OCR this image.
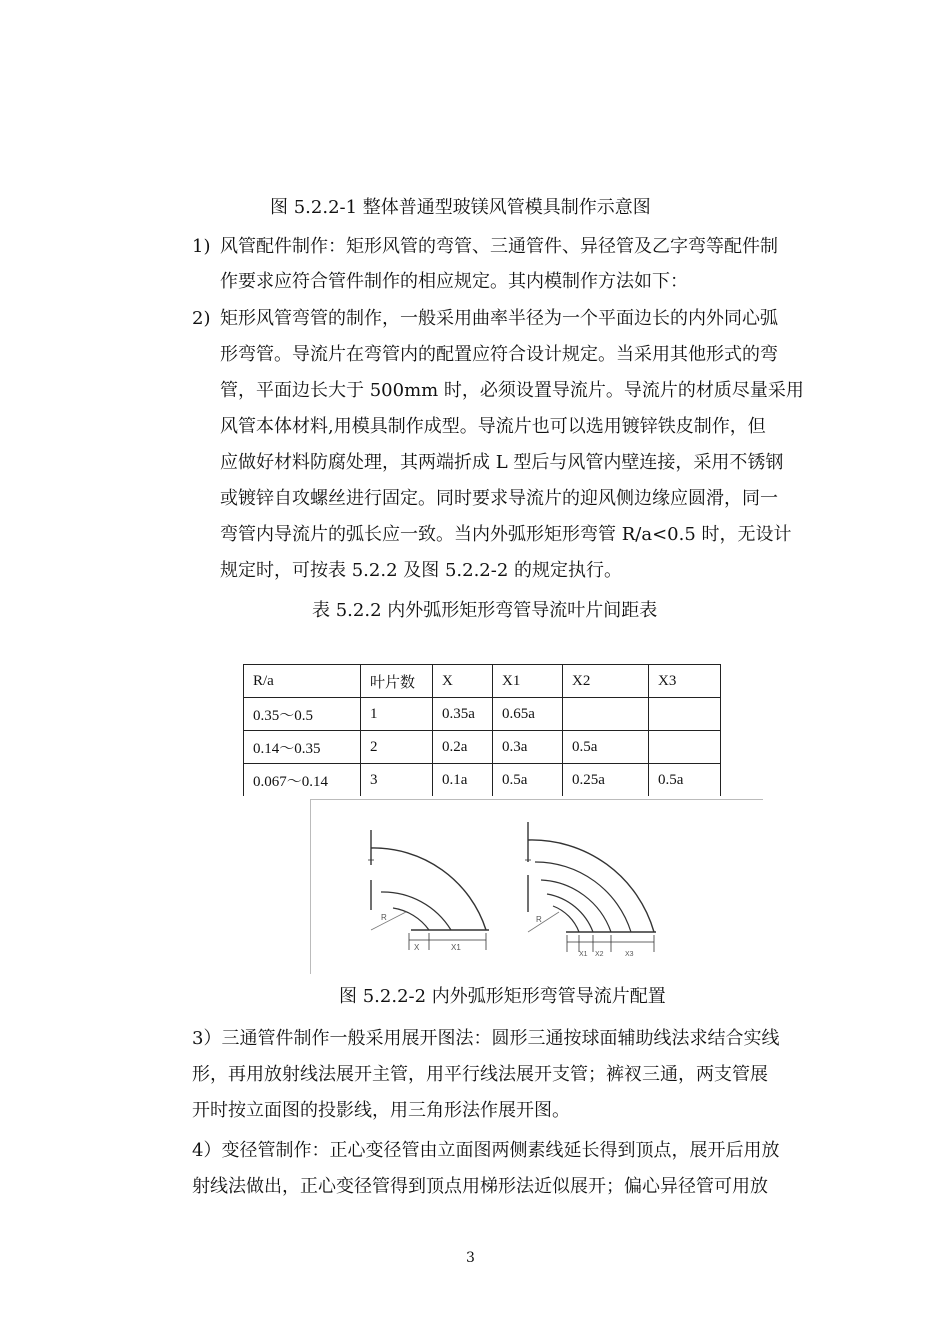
图 5.2.2-1 整体普通型玻镁风管模具制作示意图
1) 风管配件制作：矩形风管的弯管、三通管件、异径管及乙字弯等配件制
作要求应符合管件制作的相应规定。其内模制作方法如下：
2) 矩形风管弯管的制作，一般采用曲率半径为一个平面边长的内外同心弧
形弯管。导流片在弯管内的配置应符合设计规定。当采用其他形式的弯
管，平面边长大于 500mm 时，必须设置导流片。导流片的材质尽量采用
风管本体材料,用模具制作成型。导流片也可以选用镀锌铁皮制作，但
应做好材料防腐处理，其两端折成 L 型后与风管内壁连接，采用不锈钢
或镀锌自攻螺丝进行固定。同时要求导流片的迎风侧边缘应圆滑，同一
弯管内导流片的弧长应一致。当内外弧形矩形弯管 R/a<0.5 时，无设计
规定时，可按表 5.2.2 及图 5.2.2-2 的规定执行。
表 5.2.2 内外弧形矩形弯管导流叶片间距表
R/a	叶片数	X	X1	X2	X3
0.35～0.5	1	0.35a	0.65a		
0.14～0.35	2	0.2a	0.3a	0.5a	
0.067～0.14	3	0.1a	0.5a	0.25a	0.5a
R
X	X1
R
X1 X2	X3
图 5.2.2-2 内外弧形矩形弯管导流片配置
3）三通管件制作一般采用展开图法：圆形三通按球面辅助线法求结合实线
形，再用放射线法展开主管，用平行线法展开支管；裤衩三通，两支管展
开时按立面图的投影线，用三角形法作展开图。
4）变径管制作：正心变径管由立面图两侧素线延长得到顶点，展开后用放
射线法做出，正心变径管得到顶点用梯形法近似展开；偏心异径管可用放
3
